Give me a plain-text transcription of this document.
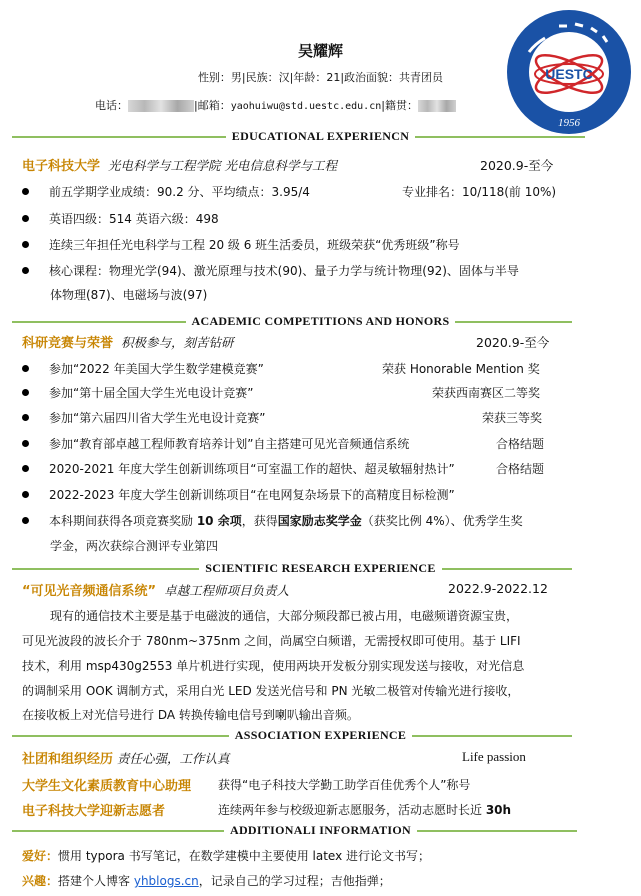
吴耀辉
性别：男|民族：汉|年龄：21|政治面貌：共青团员
电话：	|邮箱：yaohuiwu@std.uestc.edu.cn|籍贯：
UESTC
1956
EDUCATIONAL EXPERIENCN
电子科技大学 光电科学与工程学院 光电信息科学与工程	2020.9-至今
前五学期学业成绩：90.2 分、平均绩点：3.95/4	专业排名：10/118(前 10%)
英语四级：514 英语六级：498
连续三年担任光电科学与工程 20 级 6 班生活委员，班级荣获“优秀班级”称号
核心课程：物理光学(94)、激光原理与技术(90)、量子力学与统计物理(92)、固体与半导
体物理(87)、电磁场与波(97)
ACADEMIC COMPETITIONS AND HONORS
科研竞赛与荣誉 积极参与，刻苦钻研	2020.9-至今
参加“2022 年美国大学生数学建模竞赛”	荣获 Honorable Mention 奖
参加“第十届全国大学生光电设计竞赛”	荣获西南赛区二等奖
参加“第六届四川省大学生光电设计竞赛”	荣获三等奖
参加“教育部卓越工程师教育培养计划”自主搭建可见光音频通信系统	合格结题
2020-2021 年度大学生创新训练项目“可室温工作的超快、超灵敏辐射热计”	合格结题
2022-2023 年度大学生创新训练项目“在电网复杂场景下的高精度目标检测”
本科期间获得各项竞赛奖励 10 余项，获得国家励志奖学金（获奖比例 4%）、优秀学生奖
学金，两次获综合测评专业第四
SCIENTIFIC RESEARCH EXPERIENCE
“可见光音频通信系统” 卓越工程师项目负责人	2022.9-2022.12
现有的通信技术主要是基于电磁波的通信，大部分频段都已被占用，电磁频谱资源宝贵，
可见光波段的波长介于 780nm~375nm 之间，尚属空白频谱，无需授权即可使用。基于 LIFI
技术，利用 msp430g2553 单片机进行实现，使用两块开发板分别实现发送与接收，对光信息
的调制采用 OOK 调制方式，采用白光 LED 发送光信号和 PN 光敏二极管对传输光进行接收，
在接收板上对光信号进行 DA 转换传输电信号到喇叭输出音频。
ASSOCIATION EXPERIENCE
社团和组织经历 责任心强，工作认真	Life passion
大学生文化素质教育中心助理 获得“电子科技大学勤工助学百佳优秀个人”称号
电子科技大学迎新志愿者	连续两年参与校级迎新志愿服务，活动志愿时长近 30h
ADDITIONALI INFORMATION
爱好：惯用 typora 书写笔记，在数学建模中主要使用 latex 进行论文书写；
兴趣：搭建个人博客 yhblogs.cn，记录自己的学习过程；吉他指弹；
